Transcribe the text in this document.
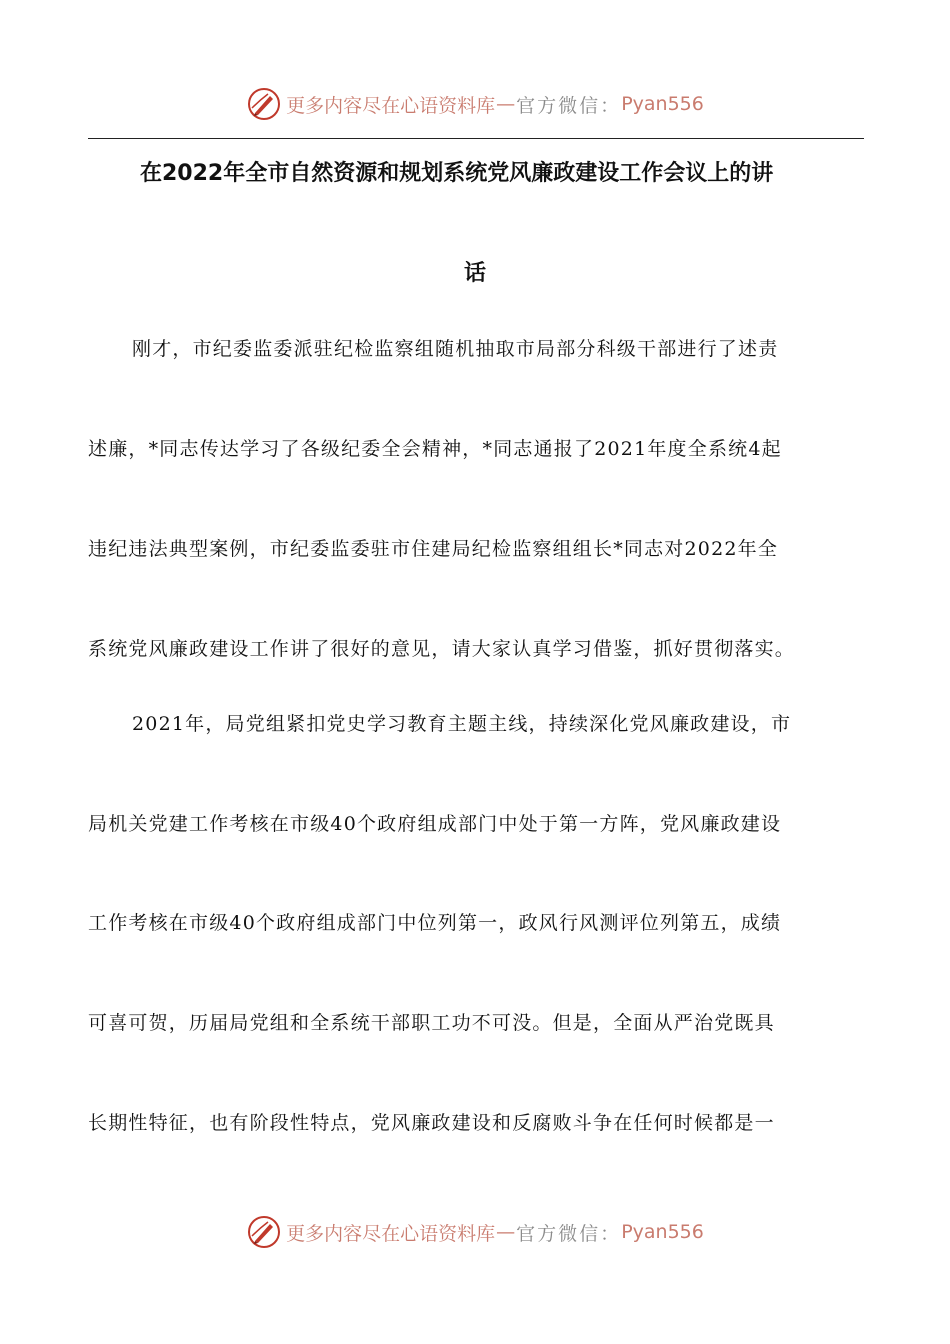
更多内容尽在心语资料库 — 官方微信： Pyan556
在2022年全市自然资源和规划系统党风廉政建设工作会议上的讲
话
刚才，市纪委监委派驻纪检监察组随机抽取市局部分科级干部进行了述责
述廉，*同志传达学习了各级纪委全会精神，*同志通报了2021年度全系统4起
违纪违法典型案例，市纪委监委驻市住建局纪检监察组组长*同志对2022年全
系统党风廉政建设工作讲了很好的意见，请大家认真学习借鉴，抓好贯彻落实。
2021年，局党组紧扣党史学习教育主题主线，持续深化党风廉政建设，市
局机关党建工作考核在市级40个政府组成部门中处于第一方阵，党风廉政建设
工作考核在市级40个政府组成部门中位列第一，政风行风测评位列第五，成绩
可喜可贺，历届局党组和全系统干部职工功不可没。但是，全面从严治党既具
长期性特征，也有阶段性特点，党风廉政建设和反腐败斗争在任何时候都是一
更多内容尽在心语资料库 — 官方微信： Pyan556
